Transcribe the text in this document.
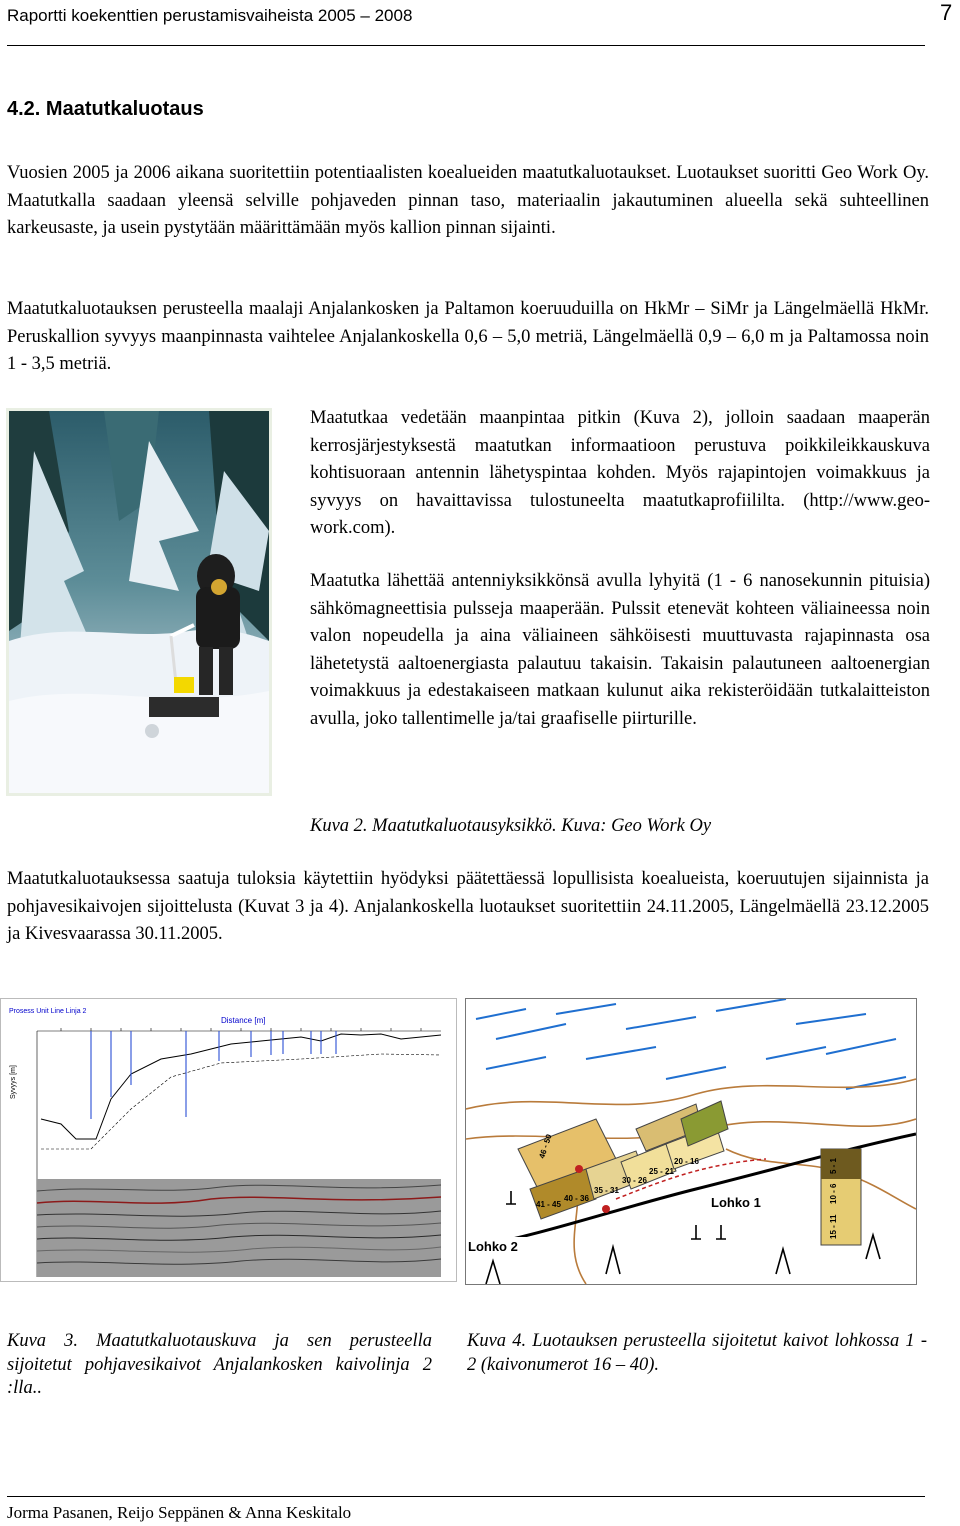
Raportti koekenttien perustamisvaiheista 2005 – 2008	7
4.2. Maatutkaluotaus

Vuosien 2005 ja 2006 aikana suoritettiin potentiaalisten koealueiden maatutkaluotaukset. Luotaukset suoritti Geo Work Oy. Maatutkalla saadaan yleensä selville pohjaveden pinnan taso, materiaalin jakautuminen alueella sekä suhteellinen karkeusaste, ja usein pystytään määrittämään myös kallion pinnan sijainti.

Maatutkaluotauksen perusteella maalaji Anjalankosken ja Paltamon koeruuduilla on HkMr – SiMr ja Längelmäellä HkMr. Peruskallion syvyys maanpinnasta vaihtelee Anjalankoskella 0,6 – 5,0 metriä, Längelmäellä 0,9 – 6,0 m ja Paltamossa noin 1 - 3,5 metriä.

Maatutkaa vedetään maanpintaa pitkin (Kuva 2), jolloin saadaan maaperän kerrosjärjestyksestä maatutkan informaatioon perustuva poikkileikkauskuva kohtisuoraan antennin lähetyspintaa kohden. Myös rajapintojen voimakkuus ja syvyys on havaittavissa tulostuneelta maatutkaprofiililta. (http://www.geo-work.com).

Maatutka lähettää antenniyksikkönsä avulla lyhyitä (1 - 6 nanosekunnin pituisia) sähkömagneettisia pulsseja maaperään. Pulssit etenevät kohteen väliaineessa noin valon nopeudella ja aina väliaineen sähköisesti muuttuvasta rajapinnasta osa lähetetystä aaltoenergiasta palautuu takaisin. Takaisin palautuneen aaltoenergian voimakkuus ja edestakaiseen matkaan kulunut aika rekisteröidään tutkalaitteiston avulla, joko tallentimelle ja/tai graafiselle piirturille.

Kuva 2. Maatutkaluotausyksikkö. Kuva: Geo Work Oy

Maatutkaluotauksessa saatuja tuloksia käytettiin hyödyksi päätettäessä lopullisista koealueista, koeruutujen sijainnista ja pohjavesikaivojen sijoittelusta (Kuvat 3 ja 4). Anjalankoskella luotaukset suoritettiin 24.11.2005, Längelmäellä 23.12.2005 ja Kivesvaarassa 30.11.2005.

Prosess Unit Line Linja 2
Distance [m]
Syvyys [m]
46 - 50
41 - 45
40 - 36
35 - 31
30 - 26
25 - 21
20 - 16
15 - 11
10 - 6
5 - 1
Lohko 1
Lohko 2

Kuva 3. Maatutkaluotauskuva ja sen perusteella sijoitetut pohjavesikaivot Anjalankosken kaivolinja 2 :lla..

Kuva 4. Luotauksen perusteella sijoitetut kaivot lohkossa 1 - 2 (kaivonumerot 16 – 40).

Jorma Pasanen, Reijo Seppänen & Anna Keskitalo
